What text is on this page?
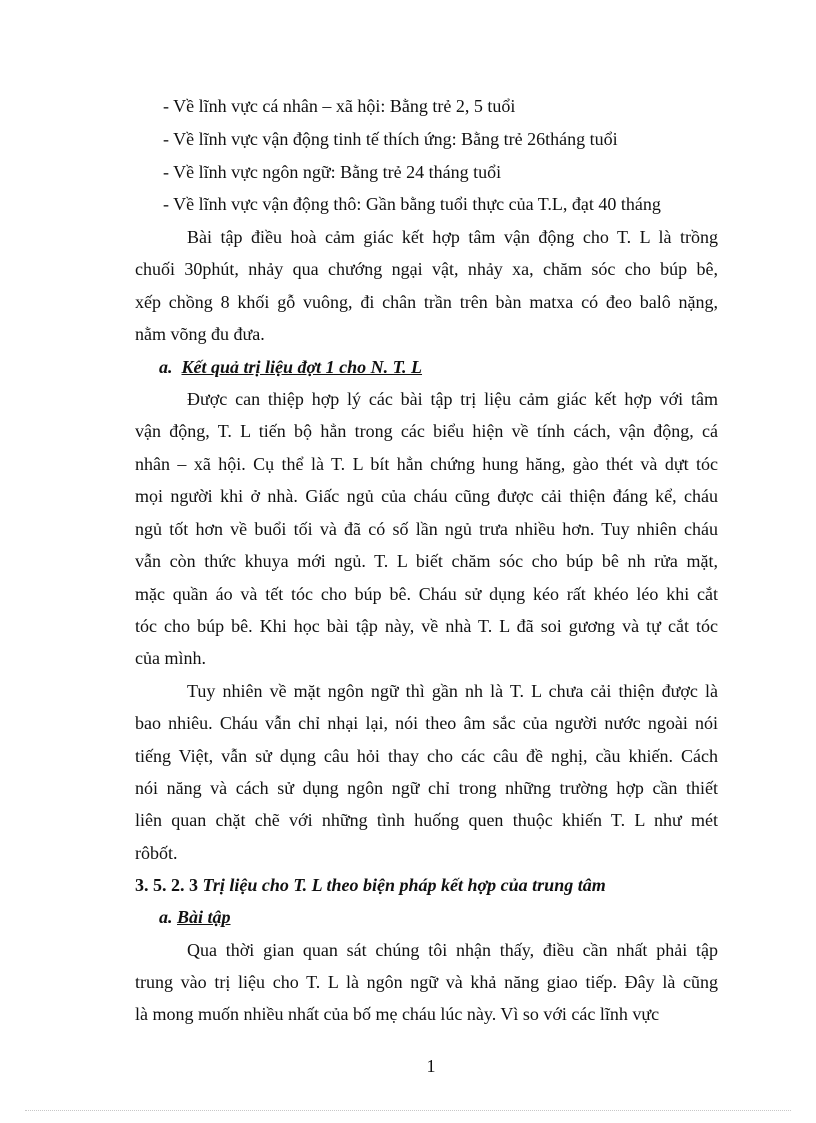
- Về lĩnh vực cá nhân – xã hội: Bằng trẻ 2, 5 tuổi
- Về lĩnh vực vận động tinh tế thích ứng: Bằng trẻ 26tháng tuổi
- Về lĩnh vực ngôn ngữ: Bằng trẻ 24 tháng tuổi
- Về lĩnh vực vận động thô: Gần bằng tuổi thực của T.L, đạt 40 tháng
Bài tập điều hoà cảm giác kết hợp tâm vận động cho T. L là trồng
chuối 30phút, nhảy qua chướng ngại vật, nhảy xa, chăm sóc cho búp bê,
xếp chồng 8 khối gỗ vuông, đi chân trần trên bàn matxa có đeo balô nặng,
nằm võng đu đưa.
a. Kết quả trị liệu đợt 1 cho N. T. L
Được can thiệp hợp lý các bài tập trị liệu cảm giác kết hợp với tâm
vận động, T. L tiến bộ hẳn trong các biểu hiện về tính cách, vận động, cá
nhân – xã hội. Cụ thể là T. L bít hẳn chứng hung hăng, gào thét và dựt tóc
mọi người khi ở nhà. Giấc ngủ của cháu cũng được cải thiện đáng kể, cháu
ngủ tốt hơn về buổi tối và đã có số lần ngủ trưa nhiều hơn. Tuy nhiên cháu
vẫn còn thức khuya mới ngủ. T. L biết chăm sóc cho búp bê nh rửa mặt,
mặc quần áo và tết tóc cho búp bê. Cháu sử dụng kéo rất khéo léo khi cắt
tóc cho búp bê. Khi học bài tập này, về nhà T. L đã soi gương và tự cắt tóc
của mình.
Tuy nhiên về mặt ngôn ngữ thì gần nh là T. L chưa cải thiện được là
bao nhiêu. Cháu vẫn chỉ nhại lại, nói theo âm sắc của người nước ngoài nói
tiếng Việt, vẫn sử dụng câu hỏi thay cho các câu đề nghị, cầu khiến. Cách
nói năng và cách sử dụng ngôn ngữ chỉ trong những trường hợp cần thiết
liên quan chặt chẽ với những tình huống quen thuộc khiến T. L như mét
rôbốt.
3. 5. 2. 3 Trị liệu cho T. L theo biện pháp kết hợp của trung tâm
a. Bài tập
Qua thời gian quan sát chúng tôi nhận thấy, điều cần nhất phải tập
trung vào trị liệu cho T. L là ngôn ngữ và khả năng giao tiếp. Đây là cũng
là mong muốn nhiều nhất của bố mẹ cháu lúc này. Vì so với các lĩnh vực
1
